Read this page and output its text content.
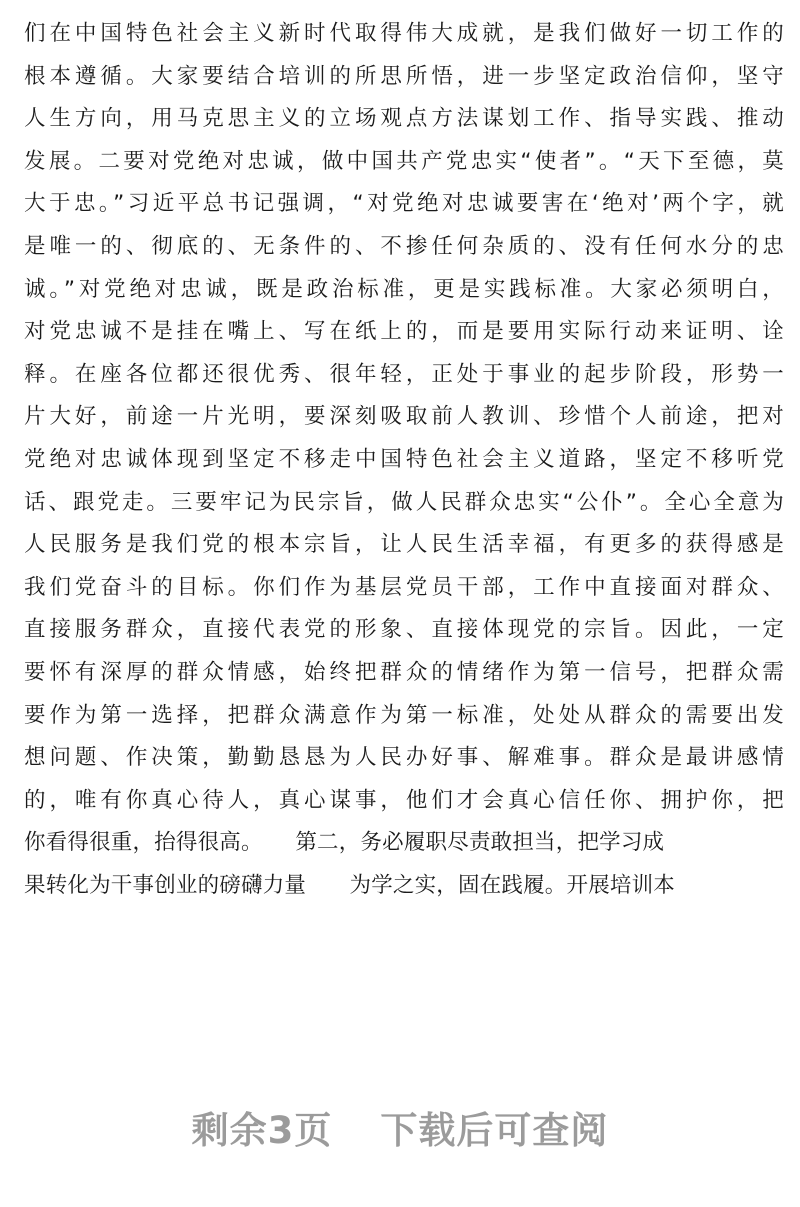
们在中国特色社会主义新时代取得伟大成就，是我们做好一切工作的
根本遵循。大家要结合培训的所思所悟，进一步坚定政治信仰，坚守
人生方向，用马克思主义的立场观点方法谋划工作、指导实践、推动
发展。二要对党绝对忠诚，做中国共产党忠实“使者”。“天下至德，莫
大于忠。”习近平总书记强调，“对党绝对忠诚要害在‘绝对’两个字，就
是唯一的、彻底的、无条件的、不掺任何杂质的、没有任何水分的忠
诚。”对党绝对忠诚，既是政治标准，更是实践标准。大家必须明白，
对党忠诚不是挂在嘴上、写在纸上的，而是要用实际行动来证明、诠
释。在座各位都还很优秀、很年轻，正处于事业的起步阶段，形势一
片大好，前途一片光明，要深刻吸取前人教训、珍惜个人前途，把对
党绝对忠诚体现到坚定不移走中国特色社会主义道路，坚定不移听党
话、跟党走。三要牢记为民宗旨，做人民群众忠实“公仆”。全心全意为
人民服务是我们党的根本宗旨，让人民生活幸福，有更多的获得感是
我们党奋斗的目标。你们作为基层党员干部，工作中直接面对群众、
直接服务群众，直接代表党的形象、直接体现党的宗旨。因此，一定
要怀有深厚的群众情感，始终把群众的情绪作为第一信号，把群众需
要作为第一选择，把群众满意作为第一标准，处处从群众的需要出发
想问题、作决策，勤勤恳恳为人民办好事、解难事。群众是最讲感情
的，唯有你真心待人，真心谋事，他们才会真心信任你、拥护你，把
你看得很重，抬得很高。　　第二，务必履职尽责敢担当，把学习成
果转化为干事创业的磅礴力量　　为学之实，固在践履。开展培训本
剩余3页 下载后可查阅
